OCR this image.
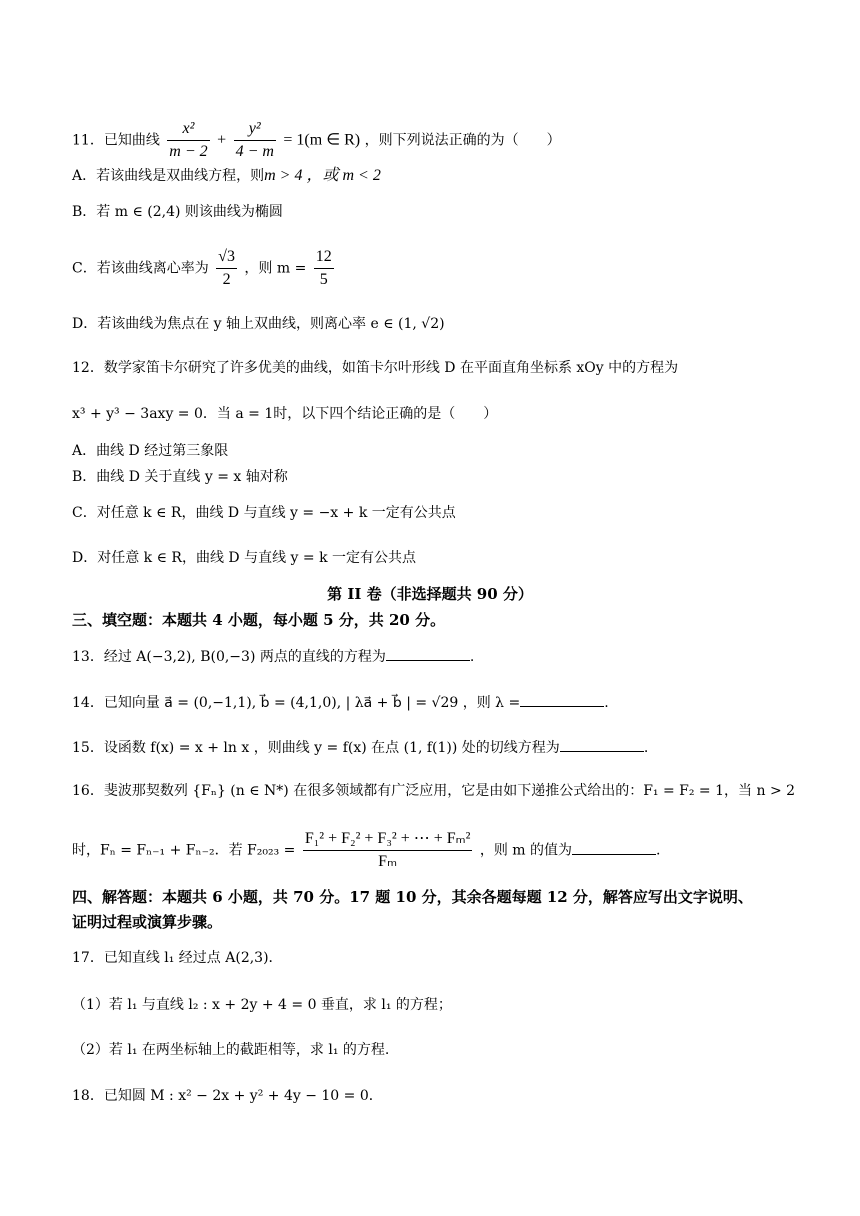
11．已知曲线 $\frac{\text{x²}}{m - 2} + \frac{\text{y²}}{4 - m} = 1(m$ ∈ R) ，则下列说法正确的为（　　）
A．若该曲线是双曲线方程，则m > 4 ，或 m < 2
B．若 m ∈ (2,4) 则该曲线为椭圆
C．若该曲线离心率为 $\frac{√3}{2}$ ，则 $m = \frac{12}{5}$
D．若该曲线为焦点在 y 轴上双曲线，则离心率 e ∈ (1, √2)
12．数学家笛卡尔研究了许多优美的曲线，如笛卡尔叶形线 D 在平面直角坐标系 xOy 中的方程为
x³ + y³ − 3axy = 0．当 a = 1时，以下四个结论正确的是（　　）
A．曲线 D 经过第三象限
B．曲线 D 关于直线 y = x 轴对称
C．对任意 k ∈ R，曲线 D 与直线 y = −x + k 一定有公共点
D．对任意 k ∈ R，曲线 D 与直线 y = k 一定有公共点
第 II 卷（非选择题共 90 分）
三、填空题：本题共 4 小题，每小题 5 分，共 20 分。
13．经过 A(−3,2), B(0,−3) 两点的直线的方程为	.
14．已知向量 a⃗ = (0,−1,1), b⃗ = (4,1,0), | λa⃗ + b⃗ | = √29 ，则 λ =	.
15．设函数 f(x) = x + ln x ，则曲线 y = f(x) 在点 (1, f(1)) 处的切线方程为	.
16．斐波那契数列 {Fₙ} (n ∈ N*) 在很多领域都有广泛应用，它是由如下递推公式给出的：F₁ = F₂ = 1，当 n > 2
时，Fₙ = Fₙ₋₁ + Fₙ₋₂．若 $F_{2023} = \frac{\text{F₁² + F₂² + F₃² + ⋯ + Fₘ²}}{\text{Fₘ}}$ ，则 m 的值为	.
四、解答题：本题共 6 小题，共 70 分。17 题 10 分，其余各题每题 12 分，解答应写出文字说明、
证明过程或演算步骤。
17．已知直线 l₁ 经过点 A(2,3)．
（1）若 l₁ 与直线 l₂ : x + 2y + 4 = 0 垂直，求 l₁ 的方程；
（2）若 l₁ 在两坐标轴上的截距相等，求 l₁ 的方程.
18．已知圆 M : x² − 2x + y² + 4y − 10 = 0．
